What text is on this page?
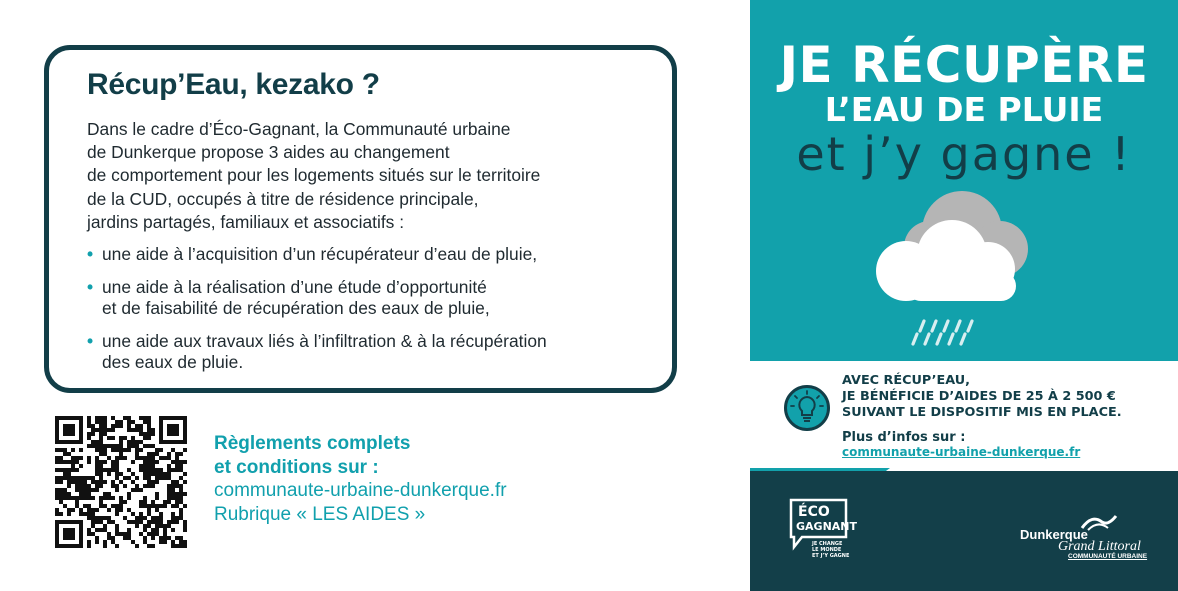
Récup’Eau, kezako ?
Dans le cadre d’Éco-Gagnant, la Communauté urbaine
de Dunkerque propose 3 aides au changement
de comportement pour les logements situés sur le territoire
de la CUD, occupés à titre de résidence principale,
jardins partagés, familiaux et associatifs :
• une aide à l’acquisition d’un récupérateur d’eau de pluie,
• une aide à la réalisation d’une étude d’opportunité
et de faisabilité de récupération des eaux de pluie,
• une aide aux travaux liés à l’infiltration & à la récupération
des eaux de pluie.
Règlements complets
et conditions sur :
communaute-urbaine-dunkerque.fr
Rubrique « LES AIDES »
JE RÉCUPÈRE
L’EAU DE PLUIE
et j’y gagne !
AVEC RÉCUP’EAU,
JE BÉNÉFICIE D’AIDES DE 25 À 2 500 €
SUIVANT LE DISPOSITIF MIS EN PLACE.
Plus d’infos sur :
communaute-urbaine-dunkerque.fr
ÉCO
GAGNANT
JE CHANGE
LE MONDE
ET J’Y GAGNE
Dunkerque
Grand Littoral
COMMUNAUTÉ URBAINE
